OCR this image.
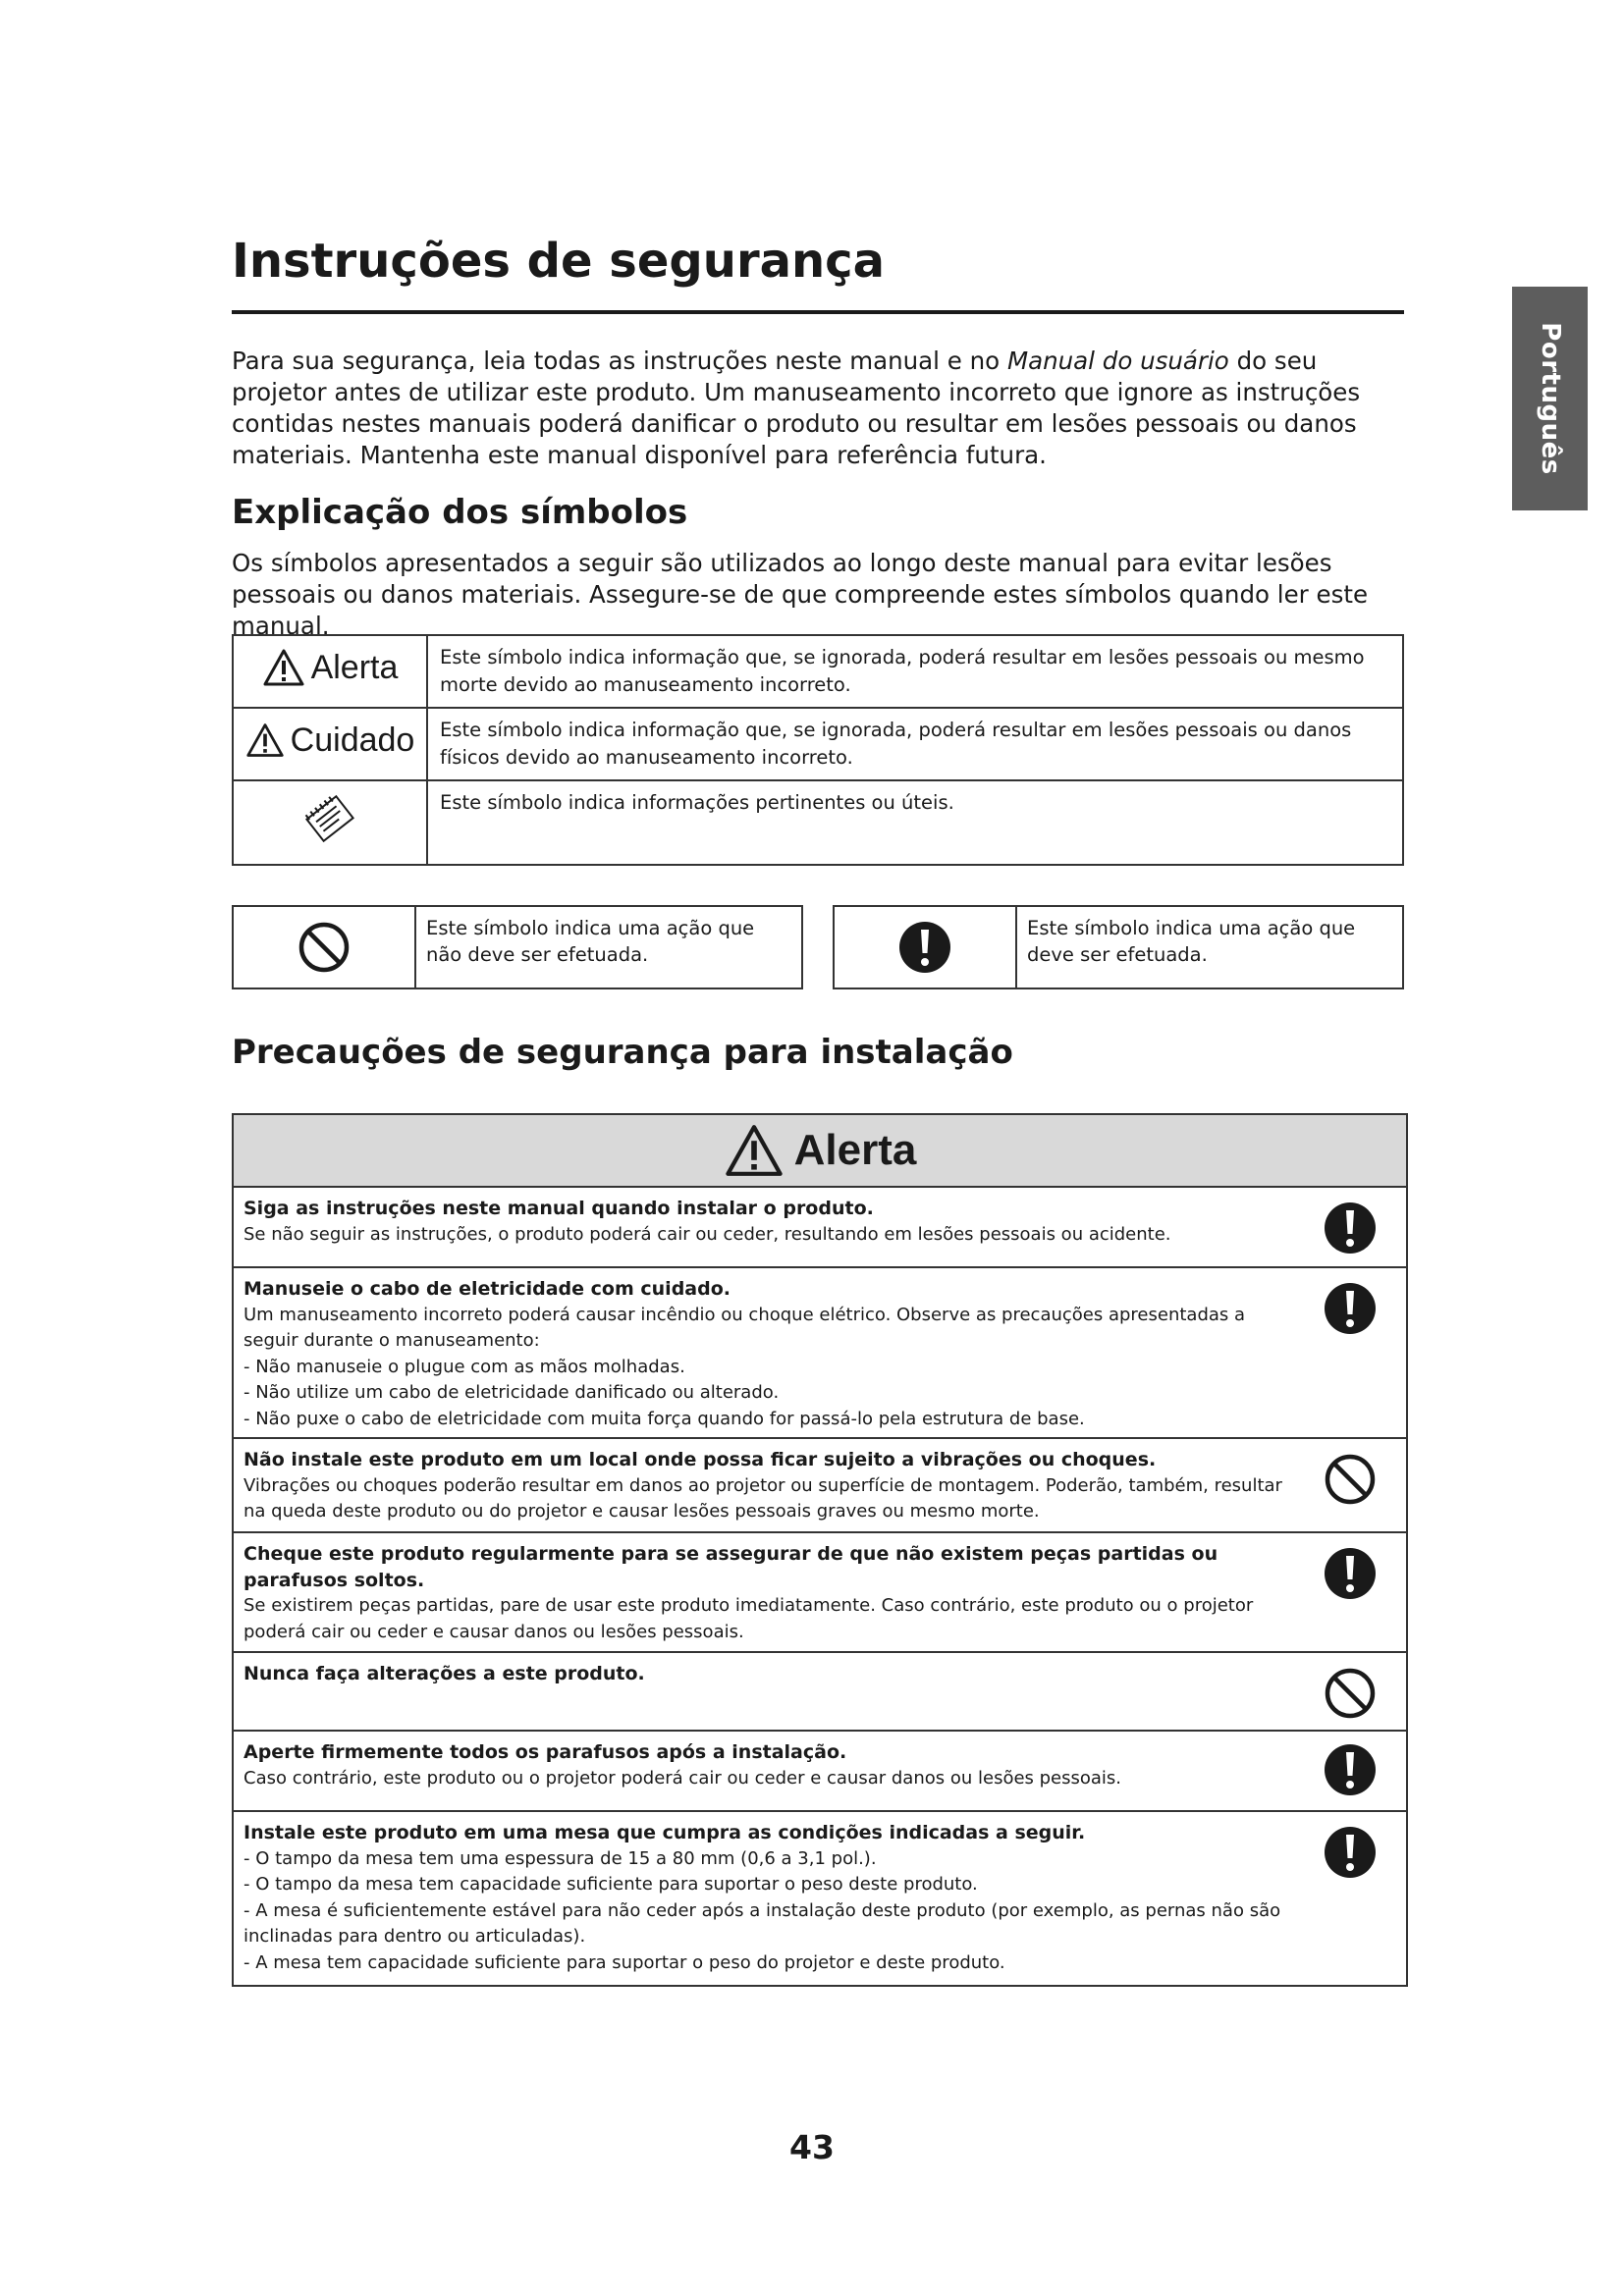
Português
Instruções de segurança

Para sua segurança, leia todas as instruções neste manual e no Manual do usuário do seu projetor antes de utilizar este produto. Um manuseamento incorreto que ignore as instruções contidas nestes manuais poderá danificar o produto ou resultar em lesões pessoais ou danos materiais. Mantenha este manual disponível para referência futura.

Explicação dos símbolos

Os símbolos apresentados a seguir são utilizados ao longo deste manual para evitar lesões pessoais ou danos materiais. Assegure-se de que compreende estes símbolos quando ler este manual.

Alerta	Este símbolo indica informação que, se ignorada, poderá resultar em lesões pessoais ou mesmo morte devido ao manuseamento incorreto.

Cuidado	Este símbolo indica informação que, se ignorada, poderá resultar em lesões pessoais ou danos físicos devido ao manuseamento incorreto.
	Este símbolo indica informações pertinentes ou úteis.
Este símbolo indica uma ação que não deve ser efetuada.
Este símbolo indica uma ação que deve ser efetuada.
Precauções de segurança para instalação
Alerta
Siga as instruções neste manual quando instalar o produto.
Se não seguir as instruções, o produto poderá cair ou ceder, resultando em lesões pessoais ou acidente.
Manuseie o cabo de eletricidade com cuidado.
Um manuseamento incorreto poderá causar incêndio ou choque elétrico. Observe as precauções apresentadas a seguir durante o manuseamento:
- Não manuseie o plugue com as mãos molhadas.
- Não utilize um cabo de eletricidade danificado ou alterado.
- Não puxe o cabo de eletricidade com muita força quando for passá-lo pela estrutura de base.
Não instale este produto em um local onde possa ficar sujeito a vibrações ou choques.
Vibrações ou choques poderão resultar em danos ao projetor ou superfície de montagem. Poderão, também, resultar na queda deste produto ou do projetor e causar lesões pessoais graves ou mesmo morte.
Cheque este produto regularmente para se assegurar de que não existem peças partidas ou parafusos soltos.
Se existirem peças partidas, pare de usar este produto imediatamente. Caso contrário, este produto ou o projetor poderá cair ou ceder e causar danos ou lesões pessoais.
Nunca faça alterações a este produto.
Aperte firmemente todos os parafusos após a instalação.
Caso contrário, este produto ou o projetor poderá cair ou ceder e causar danos ou lesões pessoais.
Instale este produto em uma mesa que cumpra as condições indicadas a seguir.
- O tampo da mesa tem uma espessura de 15 a 80 mm (0,6 a 3,1 pol.).
- O tampo da mesa tem capacidade suficiente para suportar o peso deste produto.
- A mesa é suficientemente estável para não ceder após a instalação deste produto (por exemplo, as pernas não são inclinadas para dentro ou articuladas).
- A mesa tem capacidade suficiente para suportar o peso do projetor e deste produto.
43
